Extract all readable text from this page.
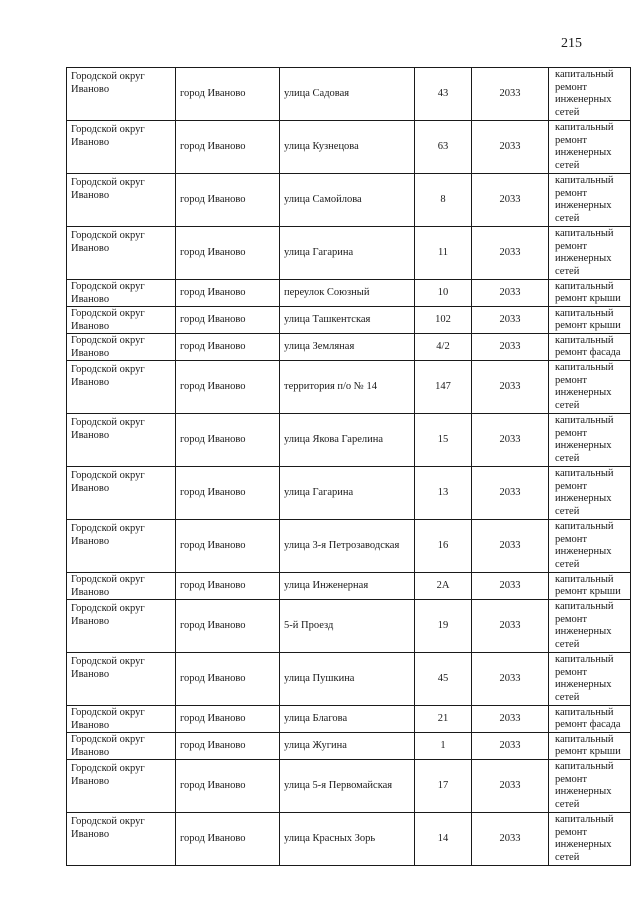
215
Городской округ Иваново	город Иваново	улица Садовая	43	2033	капитальный ремонт инженерных сетей
Городской округ Иваново	город Иваново	улица Кузнецова	63	2033	капитальный ремонт инженерных сетей
Городской округ Иваново	город Иваново	улица Самойлова	8	2033	капитальный ремонт инженерных сетей
Городской округ Иваново	город Иваново	улица Гагарина	11	2033	капитальный ремонт инженерных сетей
Городской округ Иваново	город Иваново	переулок Союзный	10	2033	капитальный ремонт крыши
Городской округ Иваново	город Иваново	улица Ташкентская	102	2033	капитальный ремонт крыши
Городской округ Иваново	город Иваново	улица Земляная	4/2	2033	капитальный ремонт фасада
Городской округ Иваново	город Иваново	территория п/о № 14	147	2033	капитальный ремонт инженерных сетей
Городской округ Иваново	город Иваново	улица Якова Гарелина	15	2033	капитальный ремонт инженерных сетей
Городской округ Иваново	город Иваново	улица Гагарина	13	2033	капитальный ремонт инженерных сетей
Городской округ Иваново	город Иваново	улица 3-я Петрозаводская	16	2033	капитальный ремонт инженерных сетей
Городской округ Иваново	город Иваново	улица Инженерная	2А	2033	капитальный ремонт крыши
Городской округ Иваново	город Иваново	5-й Проезд	19	2033	капитальный ремонт инженерных сетей
Городской округ Иваново	город Иваново	улица Пушкина	45	2033	капитальный ремонт инженерных сетей
Городской округ Иваново	город Иваново	улица Благова	21	2033	капитальный ремонт фасада
Городской округ Иваново	город Иваново	улица Жугина	1	2033	капитальный ремонт крыши
Городской округ Иваново	город Иваново	улица 5-я Первомайская	17	2033	капитальный ремонт инженерных сетей
Городской округ Иваново	город Иваново	улица Красных Зорь	14	2033	капитальный ремонт инженерных сетей
